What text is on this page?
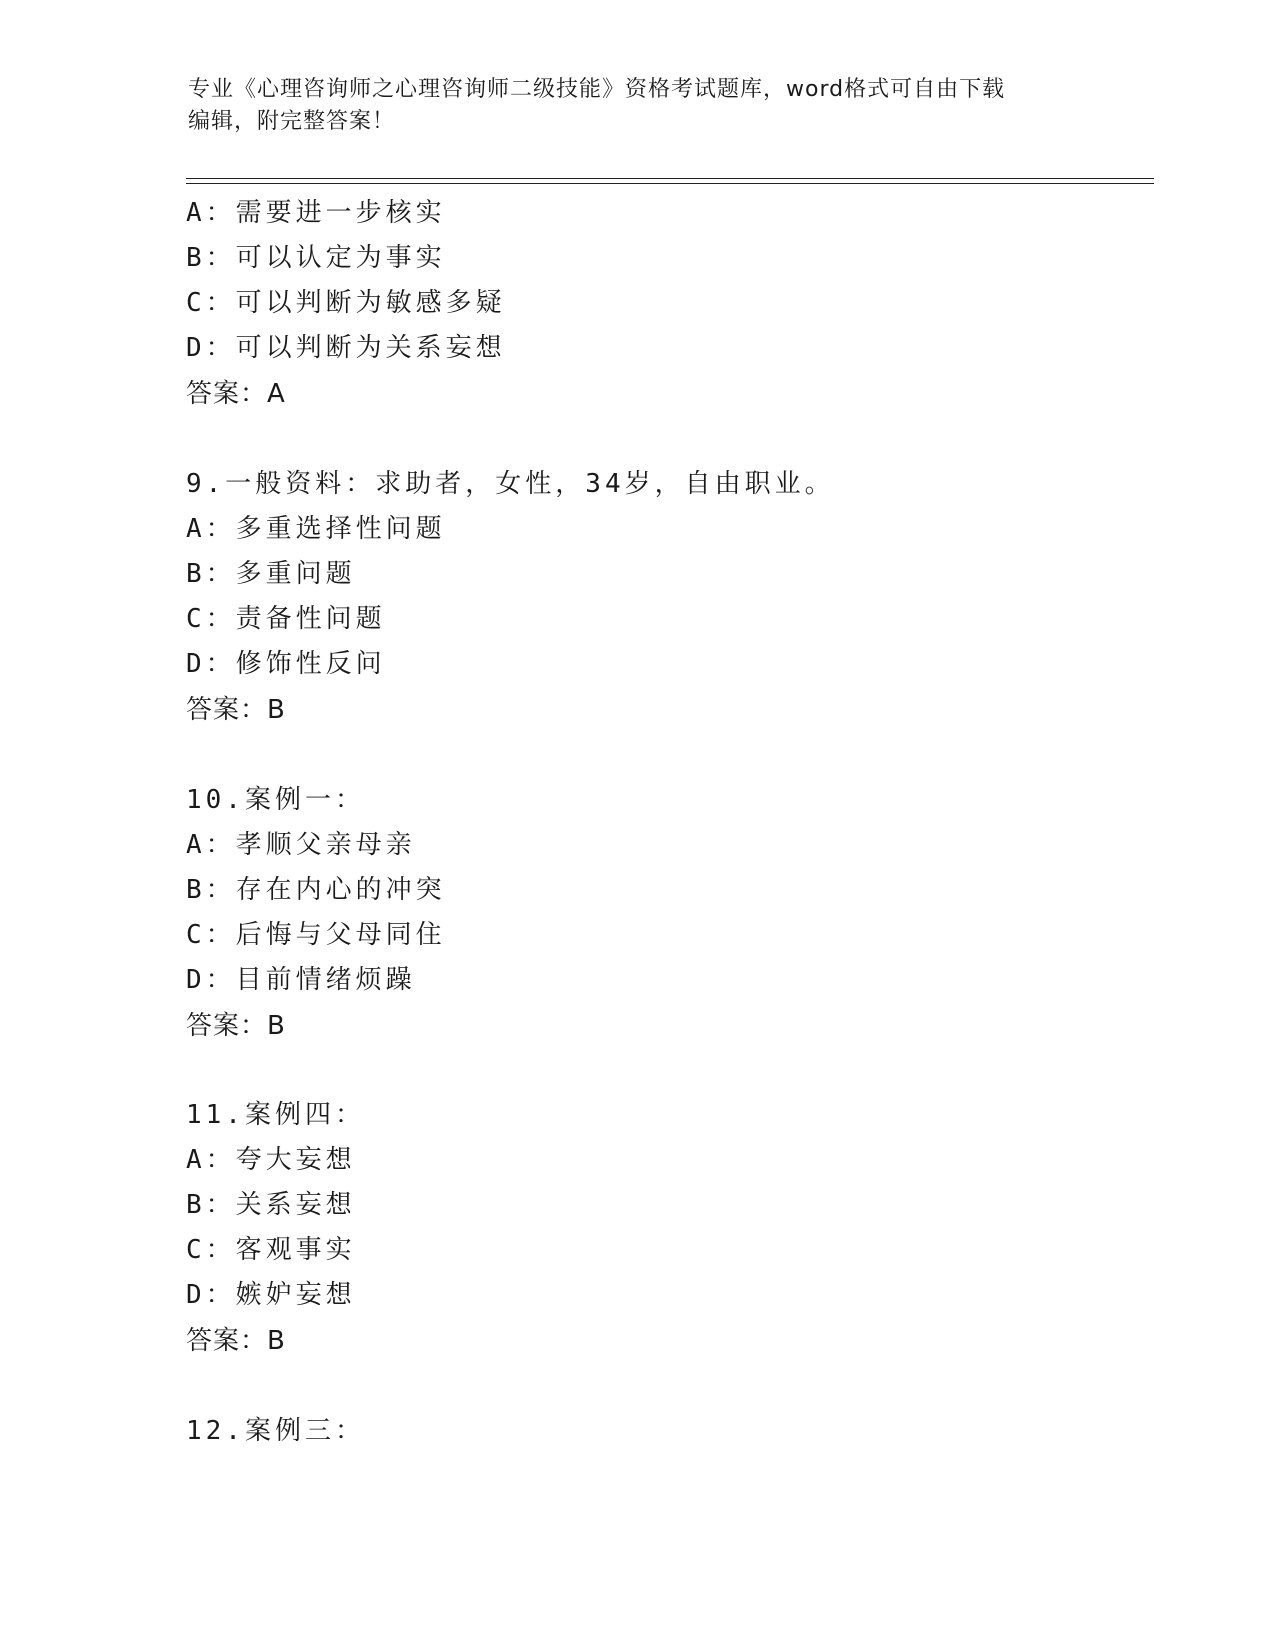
专业《心理咨询师之心理咨询师二级技能》资格考试题库，word格式可自由下载
编辑，附完整答案！
A：需要进一步核实
B：可以认定为事实
C：可以判断为敏感多疑
D：可以判断为关系妄想
答案：A
9.一般资料：求助者，女性，34岁，自由职业。
A：多重选择性问题
B：多重问题
C：责备性问题
D：修饰性反问
答案：B
10.案例一：
A：孝顺父亲母亲
B：存在内心的冲突
C：后悔与父母同住
D：目前情绪烦躁
答案：B
11.案例四：
A：夸大妄想
B：关系妄想
C：客观事实
D：嫉妒妄想
答案：B
12.案例三：
